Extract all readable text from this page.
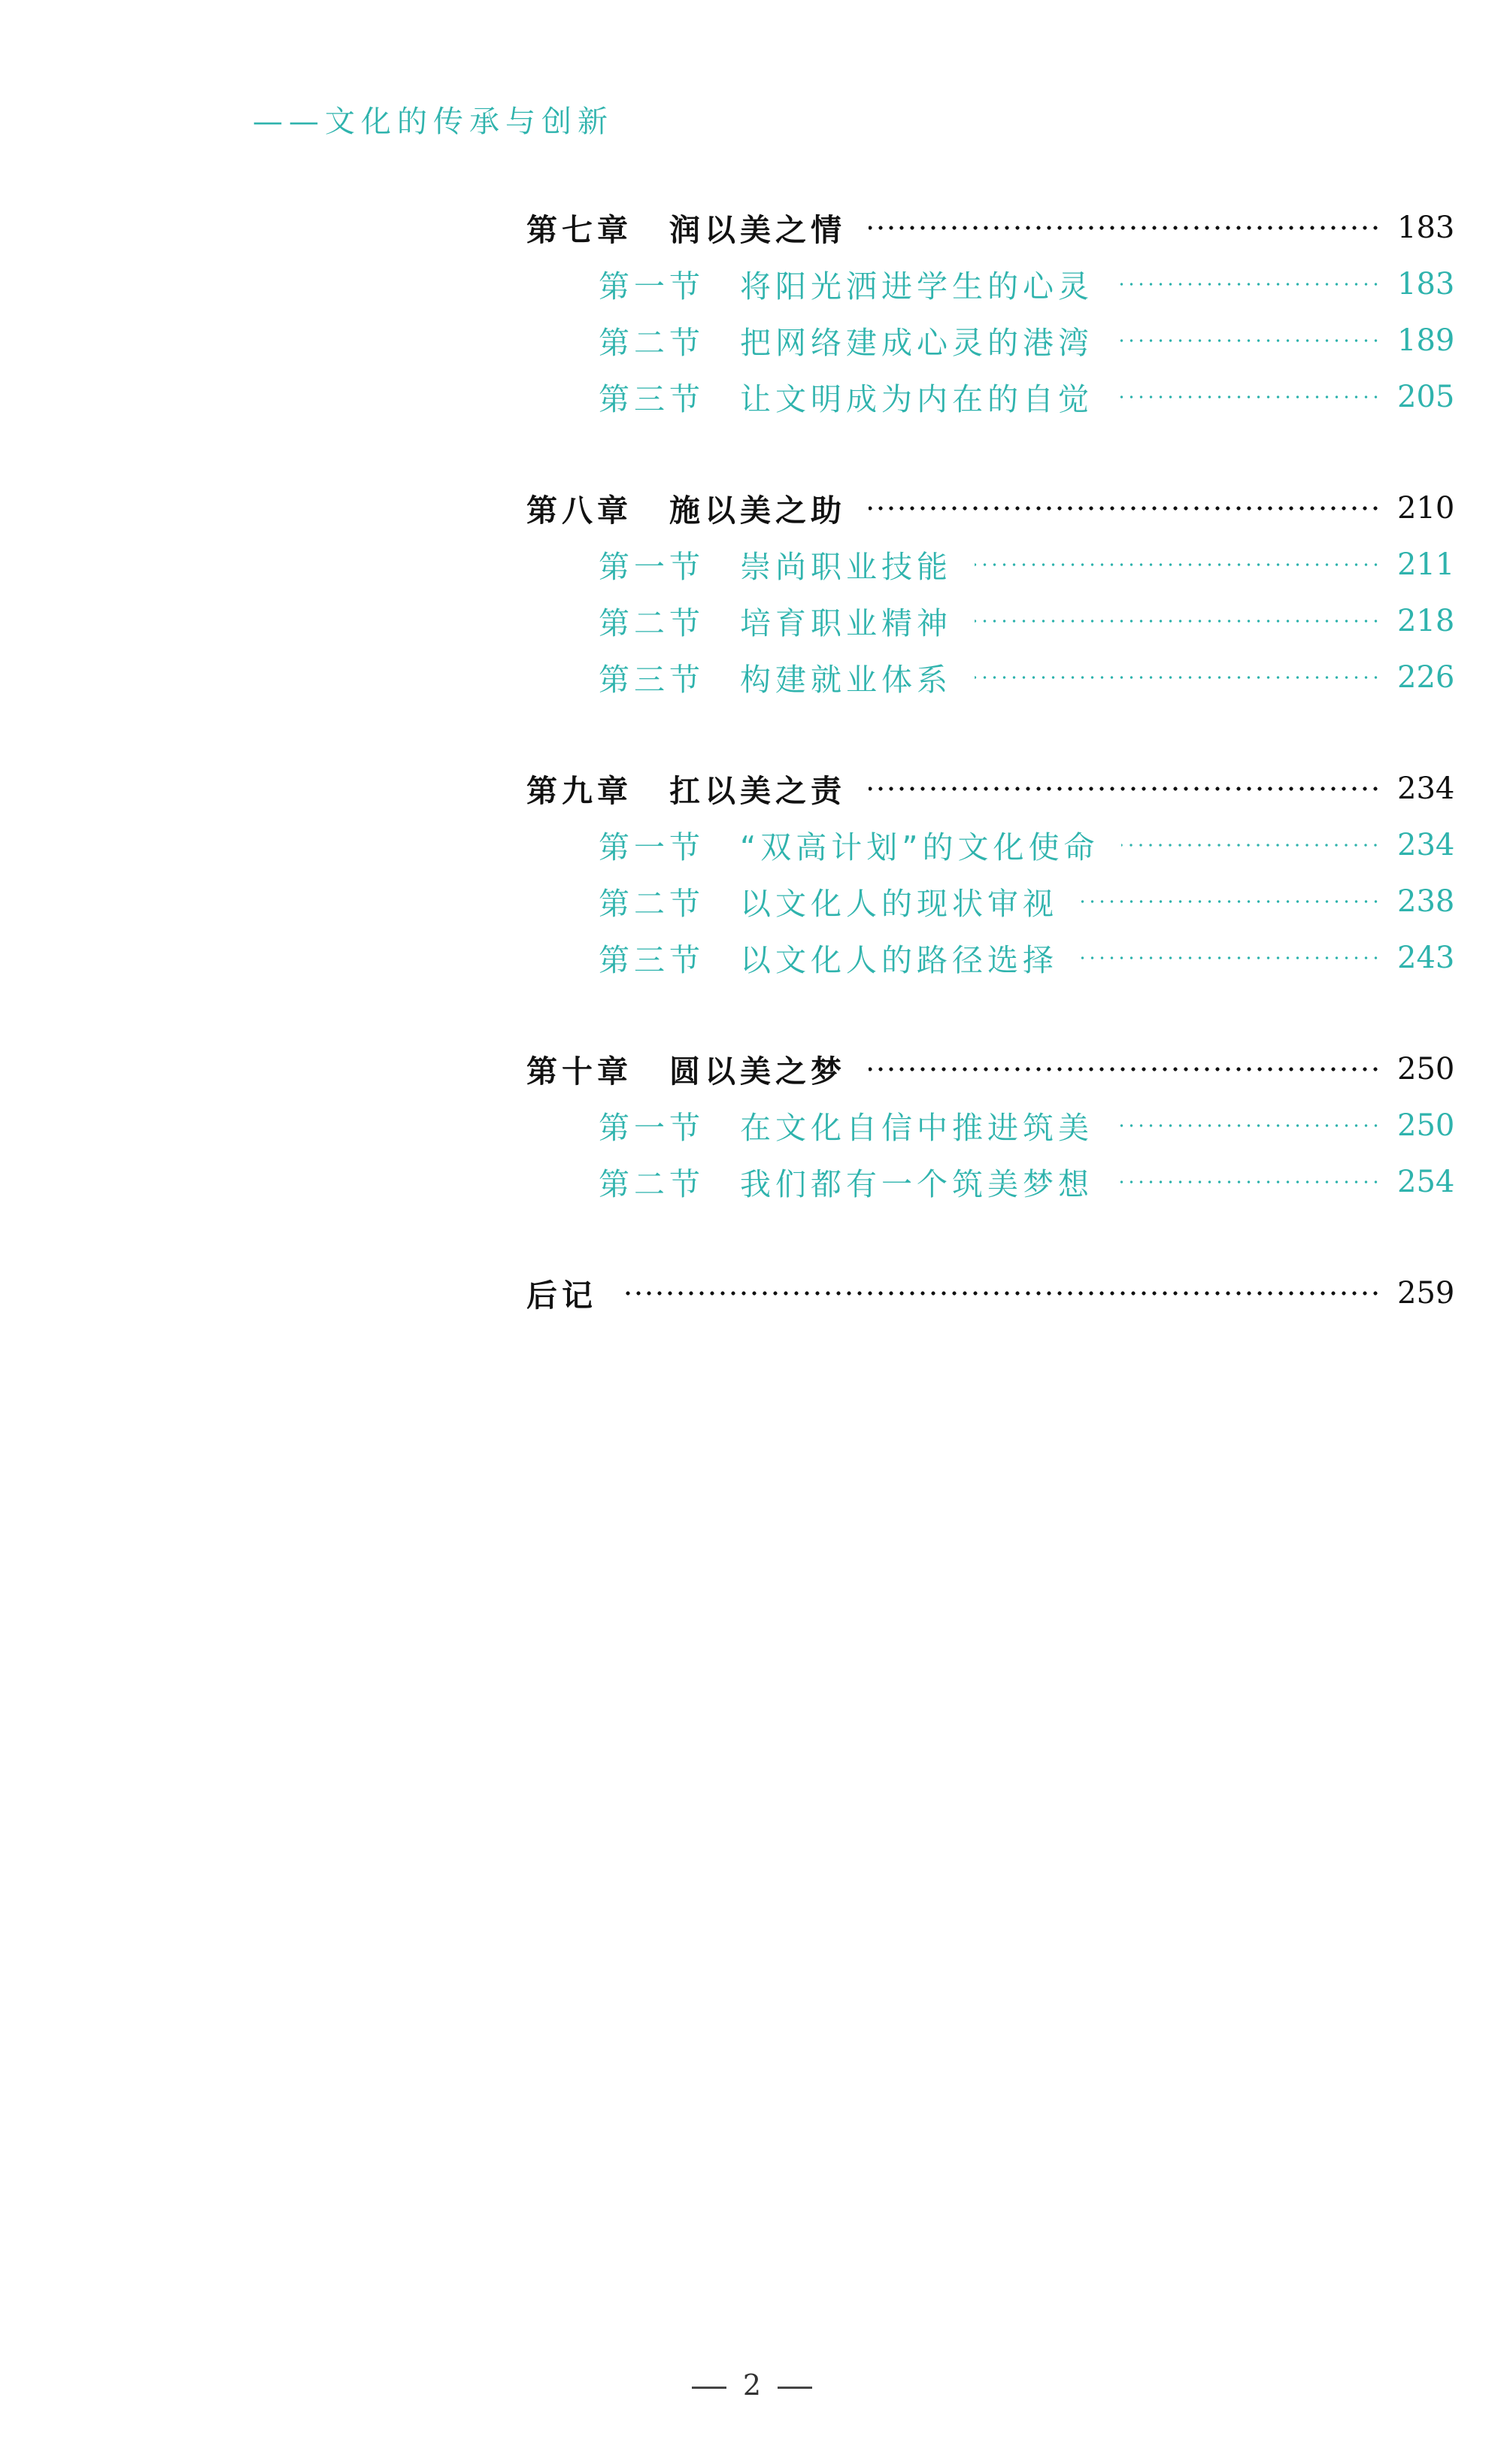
——文化的传承与创新
第七章	润以美之情	183
第一节	将阳光洒进学生的心灵	183
第二节	把网络建成心灵的港湾	189
第三节	让文明成为内在的自觉	205
第八章	施以美之助	210
第一节	崇尚职业技能	211
第二节	培育职业精神	218
第三节	构建就业体系	226
第九章	扛以美之责	234
第一节	“双高计划”的文化使命	234
第二节	以文化人的现状审视	238
第三节	以文化人的路径选择	243
第十章	圆以美之梦	250
第一节	在文化自信中推进筑美	250
第二节	我们都有一个筑美梦想	254
后记	259
2
